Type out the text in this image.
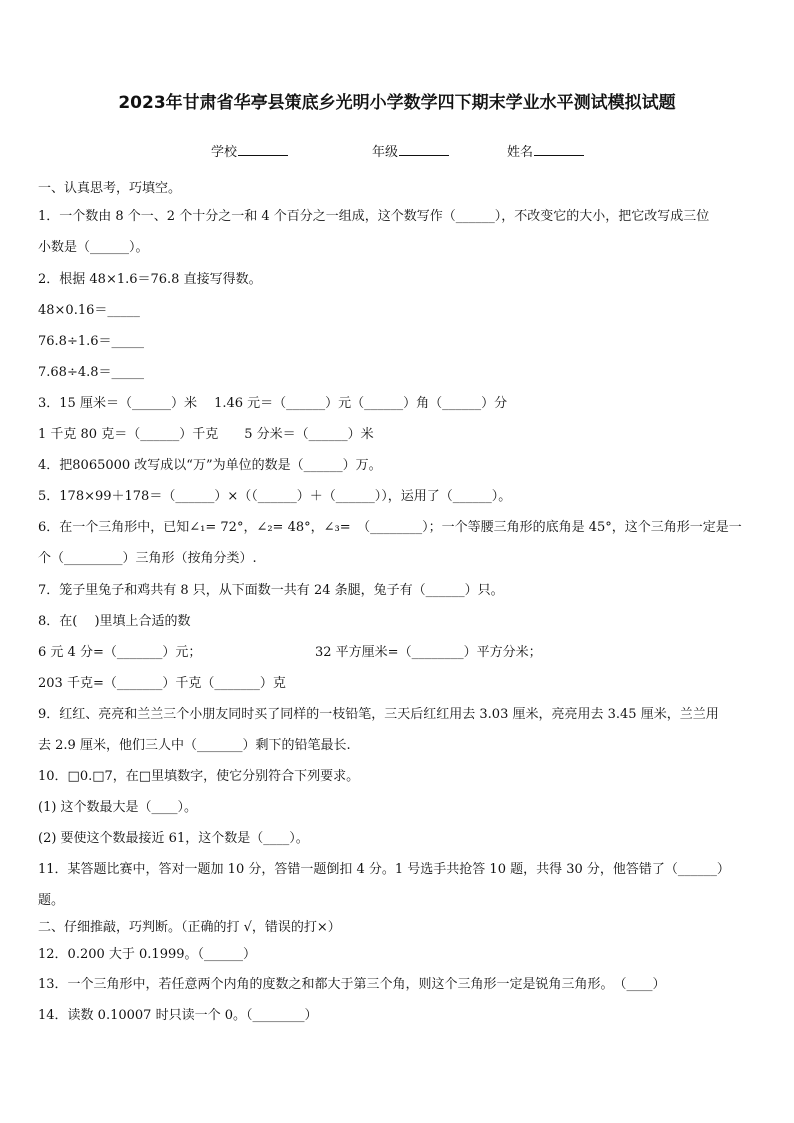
2023年甘肃省华亭县策底乡光明小学数学四下期末学业水平测试模拟试题
学校	年级	姓名
一、认真思考，巧填空。
1．一个数由 8 个一、2 个十分之一和 4 个百分之一组成，这个数写作（______），不改变它的大小，把它改写成三位
小数是（______）。
2．根据 48×1.6＝76.8 直接写得数。
48×0.16＝_____
76.8÷1.6＝_____
7.68÷4.8＝_____
3．15 厘米＝（______）米　 1.46 元＝（______）元（______）角（______）分
1 千克 80 克＝（______）千克　　5 分米＝（______）米
4．把8065000 改写成以“万”为单位的数是（______）万。
5．178×99＋178＝（______）×（（______）＋（______）），运用了（______）。
6．在一个三角形中，已知∠₁= 72°，∠₂= 48°，∠₃=　（________）；一个等腰三角形的底角是 45°，这个三角形一定是一
个（_________）三角形（按角分类）.
7．笼子里兔子和鸡共有 8 只，从下面数一共有 24 条腿，兔子有（______）只。
8．在(　 )里填上合适的数
6 元 4 分=（_______）元；	32 平方厘米=（________）平方分米；
203 千克=（_______）千克（_______）克
9．红红、亮亮和兰兰三个小朋友同时买了同样的一枝铅笔，三天后红红用去 3.03 厘米，亮亮用去 3.45 厘米，兰兰用
去 2.9 厘米，他们三人中（_______）剩下的铅笔最长.
10．□0.□7，在□里填数字，使它分别符合下列要求。
(1) 这个数最大是（____）。
(2) 要使这个数最接近 61，这个数是（____）。
11．某答题比赛中，答对一题加 10 分，答错一题倒扣 4 分。1 号选手共抢答 10 题，共得 30 分，他答错了（______）
题。
二、仔细推敲，巧判断。（正确的打 √，错误的打×）
12．0.200 大于 0.1999。（______）
13．一个三角形中，若任意两个内角的度数之和都大于第三个角，则这个三角形一定是锐角三角形。　（____）
14．读数 0.10007 时只读一个 0。（________）
